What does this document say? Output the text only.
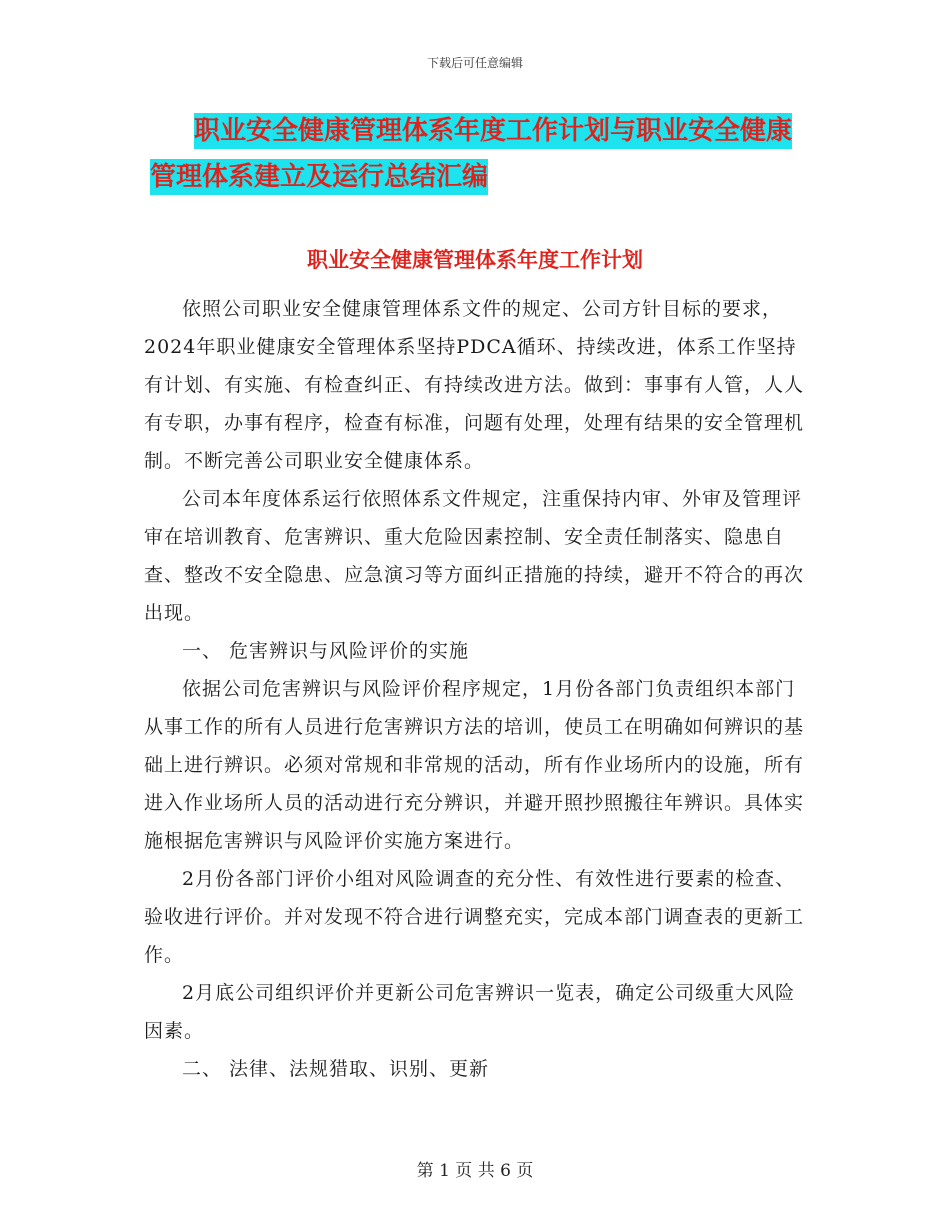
下载后可任意编辑
职业安全健康管理体系年度工作计划与职业安全健康
管理体系建立及运行总结汇编
职业安全健康管理体系年度工作计划

依照公司职业安全健康管理体系文件的规定、公司方针目标的要求，2024年职业健康安全管理体系坚持PDCA循环、持续改进，体系工作坚持有计划、有实施、有检查纠正、有持续改进方法。做到：事事有人管，人人有专职，办事有程序，检查有标准，问题有处理，处理有结果的安全管理机制。不断完善公司职业安全健康体系。

公司本年度体系运行依照体系文件规定，注重保持内审、外审及管理评审在培训教育、危害辨识、重大危险因素控制、安全责任制落实、隐患自查、整改不安全隐患、应急演习等方面纠正措施的持续，避开不符合的再次出现。

一、 危害辨识与风险评价的实施

依据公司危害辨识与风险评价程序规定，1月份各部门负责组织本部门从事工作的所有人员进行危害辨识方法的培训，使员工在明确如何辨识的基础上进行辨识。必须对常规和非常规的活动，所有作业场所内的设施，所有进入作业场所人员的活动进行充分辨识，并避开照抄照搬往年辨识。具体实施根据危害辨识与风险评价实施方案进行。

2月份各部门评价小组对风险调查的充分性、有效性进行要素的检查、验收进行评价。并对发现不符合进行调整充实，完成本部门调查表的更新工作。

2月底公司组织评价并更新公司危害辨识一览表，确定公司级重大风险因素。

二、 法律、法规猎取、识别、更新

第 1 页 共 6 页
